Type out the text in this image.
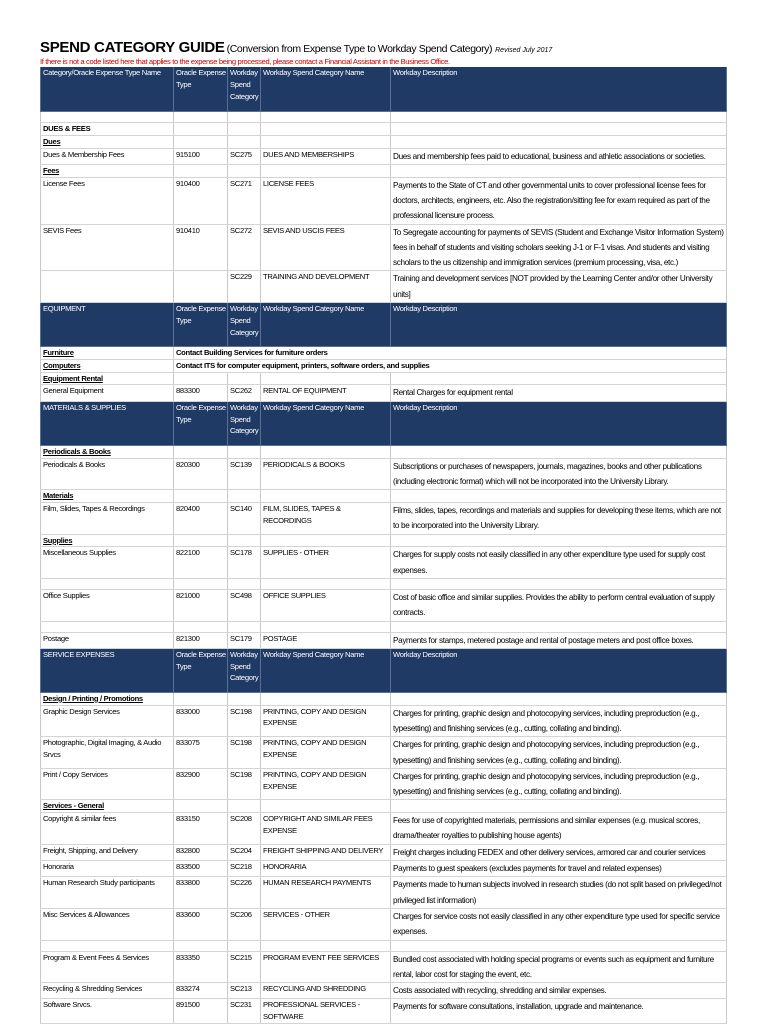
SPEND CATEGORY GUIDE (Conversion from Expense Type to Workday Spend Category) Revised July 2017
If there is not a code listed here that applies to the expense being processed, please contact a Financial Assistant in the Business Office.
Category/Oracle Expense Type Name	Oracle Expense
Type	Workday
Spend
Category	Workday Spend Category Name	Workday Description

DUES & FEES				
Dues				
Dues & Membership Fees	915100	SC275	DUES AND MEMBERSHIPS	Dues and membership fees paid to educational, business and athletic associations or societies.
Fees				
License Fees	910400	SC271	LICENSE FEES	Payments to the State of CT and other governmental units to cover professional license fees for doctors, architects, engineers, etc. Also the registration/sitting fee for exam required as part of the professional licensure process.
SEVIS Fees	910410	SC272	SEVIS AND USCIS FEES	To Segregate accounting for payments of SEVIS (Student and Exchange Visitor Information System) fees in behalf of students and visiting scholars seeking J-1 or F-1 visas. And students and visiting scholars to the us citizenship and immigration services (premium processing, visa, etc.)
		SC229	TRAINING AND DEVELOPMENT	Training and development services [NOT provided by the Learning Center and/or other University units]
EQUIPMENT	Oracle Expense
Type	Workday
Spend
Category	Workday Spend Category Name	Workday Description
Furniture	Contact Building Services for furniture orders			
Computers	Contact ITS for computer equipment, printers, software orders, and supplies			
Equipment Rental				
General Equipment	883300	SC262	RENTAL OF EQUIPMENT	Rental Charges for equipment rental
MATERIALS & SUPPLIES	Oracle Expense
Type	Workday
Spend
Category	Workday Spend Category Name	Workday Description
Periodicals & Books				
Periodicals & Books	820300	SC139	PERIODICALS & BOOKS	Subscriptions or purchases of newspapers, journals, magazines, books and other publications (including electronic format) which will not be incorporated into the University Library.
Materials				
Film, Slides, Tapes & Recordings	820400	SC140	FILM, SLIDES, TAPES & RECORDINGS	Films, slides, tapes, recordings and materials and supplies for developing these items, which are not to be incorporated into the University Library.
Supplies				
Miscellaneous Supplies	822100	SC178	SUPPLIES - OTHER	Charges for supply costs not easily classified in any other expenditure type used for supply cost expenses.

Office Supplies	821000	SC498	OFFICE SUPPLIES	Cost of basic office and similar supplies. Provides the ability to perform central evaluation of supply contracts.

Postage	821300	SC179	POSTAGE	Payments for stamps, metered postage and rental of postage meters and post office boxes.
SERVICE EXPENSES	Oracle Expense
Type	Workday
Spend
Category	Workday Spend Category Name	Workday Description
Design / Printing / Promotions				
Graphic Design Services	833000	SC198	PRINTING, COPY AND DESIGN EXPENSE	Charges for printing, graphic design and photocopying services, including preproduction (e.g., typesetting) and finishing services (e.g., cutting, collating and binding).
Photographic, Digital Imaging, & Audio Srvcs	833075	SC198	PRINTING, COPY AND DESIGN EXPENSE	Charges for printing, graphic design and photocopying services, including preproduction (e.g., typesetting) and finishing services (e.g., cutting, collating and binding).
Print / Copy Services	832900	SC198	PRINTING, COPY AND DESIGN EXPENSE	Charges for printing, graphic design and photocopying services, including preproduction (e.g., typesetting) and finishing services (e.g., cutting, collating and binding).
Services - General				
Copyright & similar fees	833150	SC208	COPYRIGHT AND SIMILAR FEES EXPENSE	Fees for use of copyrighted materials, permissions and similar expenses (e.g. musical scores, drama/theater royalties to publishing house agents)
Freight, Shipping, and Delivery	832800	SC204	FREIGHT SHIPPING AND DELIVERY	Freight charges including FEDEX and other delivery services, armored car and courier services
Honoraria	833500	SC218	HONORARIA	Payments to guest speakers (excludes payments for travel and related expenses)
Human Research Study participants	833800	SC226	HUMAN RESEARCH PAYMENTS	Payments made to human subjects involved in research studies (do not split based on privileged/not privileged list information)
Misc Services & Allowances	833600	SC206	SERVICES - OTHER	Charges for service costs not easily classified in any other expenditure type used for specific service expenses.

Program & Event Fees & Services	833350	SC215	PROGRAM EVENT FEE SERVICES	Bundled cost associated with holding special programs or events such as equipment and furniture rental, labor cost for staging the event, etc.
Recycling & Shredding Services	833274	SC213	RECYCLING AND SHREDDING	Costs associated with recycling, shredding and similar expenses.
Software Srvcs.	891500	SC231	PROFESSIONAL SERVICES - SOFTWARE	Payments for software consultations, installation, upgrade and maintenance.
